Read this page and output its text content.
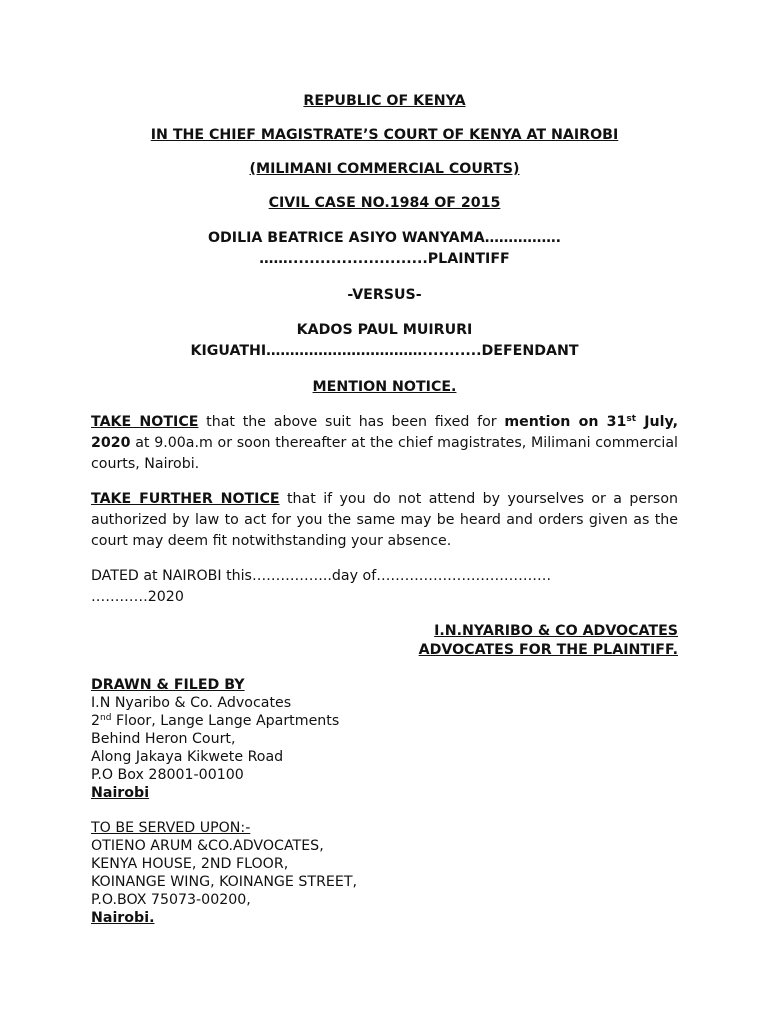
REPUBLIC OF KENYA
IN THE CHIEF MAGISTRATE’S COURT OF KENYA AT NAIROBI
(MILIMANI COMMERCIAL COURTS)
CIVIL CASE NO.1984 OF 2015
ODILIA BEATRICE ASIYO WANYAMA…………….
……..........................PLAINTIFF
-VERSUS-
KADOS PAUL MUIRURI
KIGUATHI……………………………...........DEFENDANT
MENTION NOTICE.

TAKE NOTICE that the above suit has been fixed for mention on 31st July, 2020 at 9.00a.m or soon thereafter at the chief magistrates, Milimani commercial courts, Nairobi.

TAKE FURTHER NOTICE that if you do not attend by yourselves or a person authorized by law to act for you the same may be heard and orders given as the court may deem fit notwithstanding your absence.

DATED at NAIROBI this……………..day of……………………………….
…………2020
I.N.NYARIBO & CO ADVOCATES
ADVOCATES FOR THE PLAINTIFF.
DRAWN & FILED BY
I.N Nyaribo & Co. Advocates
2nd Floor, Lange Lange Apartments
Behind Heron Court,
Along Jakaya Kikwete Road
P.O Box 28001-00100
Nairobi
TO BE SERVED UPON:-
OTIENO ARUM &CO.ADVOCATES,
KENYA HOUSE, 2ND FLOOR,
KOINANGE WING, KOINANGE STREET,
P.O.BOX 75073-00200,
Nairobi.
